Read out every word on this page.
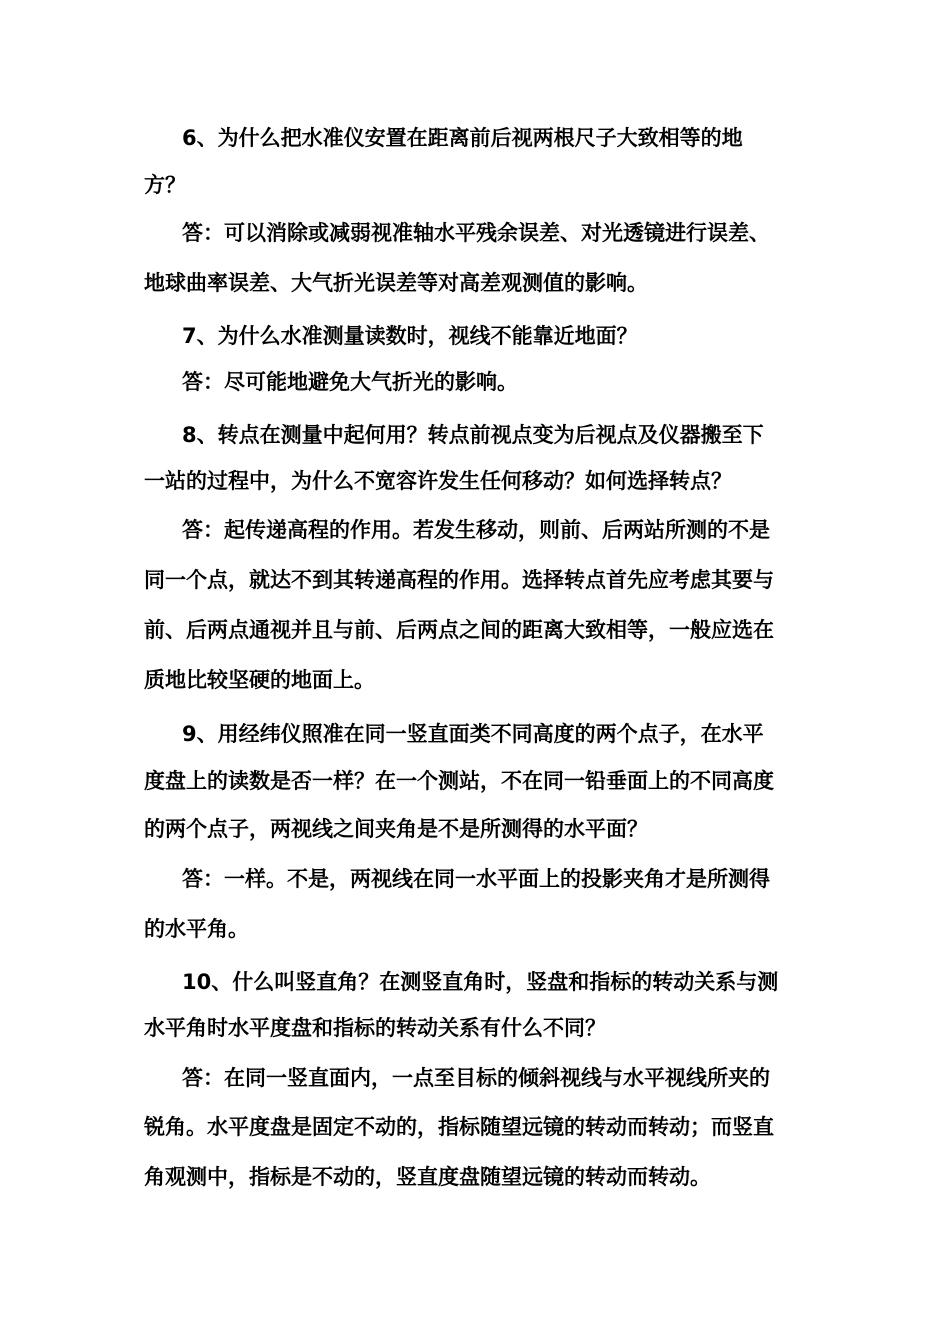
6、为什么把水准仪安置在距离前后视两根尺子大致相等的地
方？
答：可以消除或减弱视准轴水平残余误差、对光透镜进行误差、
地球曲率误差、大气折光误差等对高差观测值的影响。
7、为什么水准测量读数时，视线不能靠近地面？
答：尽可能地避免大气折光的影响。
8、转点在测量中起何用？转点前视点变为后视点及仪器搬至下
一站的过程中，为什么不宽容许发生任何移动？如何选择转点？
答：起传递高程的作用。若发生移动，则前、后两站所测的不是
同一个点，就达不到其转递高程的作用。选择转点首先应考虑其要与
前、后两点通视并且与前、后两点之间的距离大致相等，一般应选在
质地比较坚硬的地面上。
9、用经纬仪照准在同一竖直面类不同高度的两个点子，在水平
度盘上的读数是否一样？在一个测站，不在同一铅垂面上的不同高度
的两个点子，两视线之间夹角是不是所测得的水平面？
答：一样。不是，两视线在同一水平面上的投影夹角才是所测得
的水平角。
10、什么叫竖直角？在测竖直角时，竖盘和指标的转动关系与测
水平角时水平度盘和指标的转动关系有什么不同？
答：在同一竖直面内，一点至目标的倾斜视线与水平视线所夹的
锐角。水平度盘是固定不动的，指标随望远镜的转动而转动；而竖直
角观测中，指标是不动的，竖直度盘随望远镜的转动而转动。
